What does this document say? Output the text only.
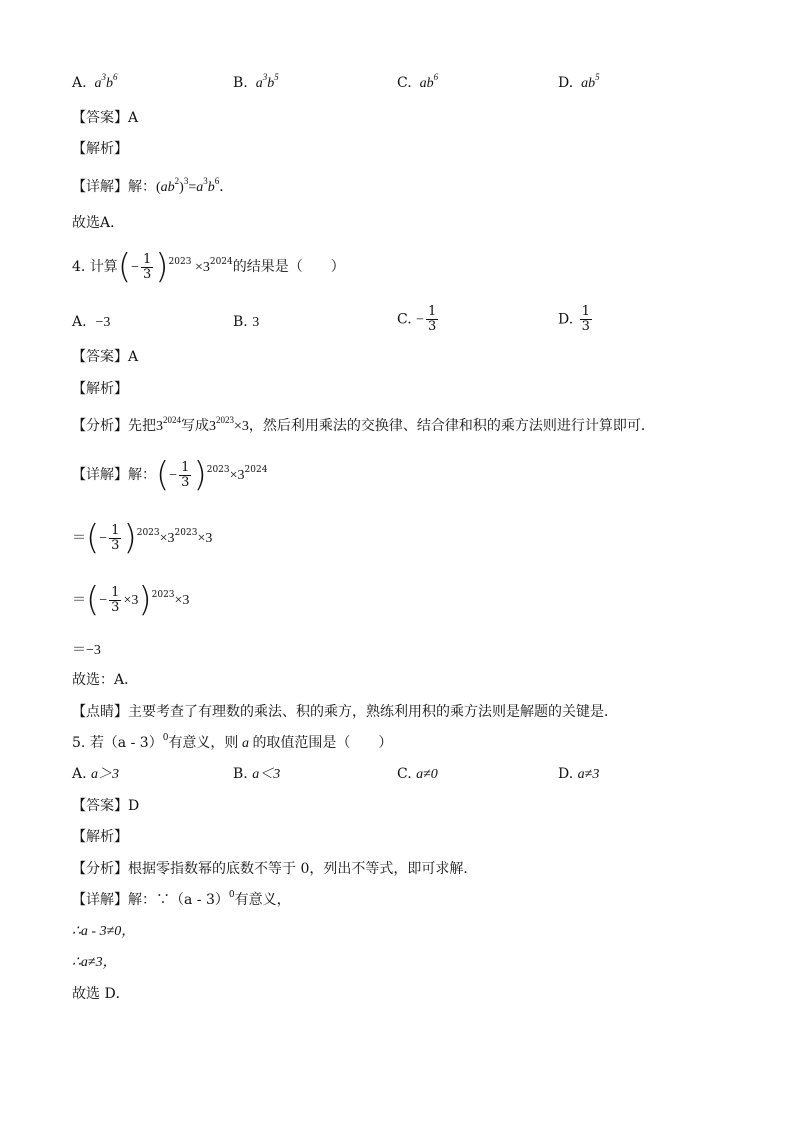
A.  $a^3b^6$	B.  $a^3b^5$	C.  $ab^6$	D.  $ab^5$
【答案】A
【解析】
【详解】解：$(ab^2)^3=a^3b^6$．
故选A．
4. 计算(− $\frac{1}{3} )^{2023} \times 3^{2024}$的结果是（　　）
A. −3	B. 3	C. − $\frac{1}{3}$	D. $\frac{1}{3}$
【答案】A
【解析】
【分析】先把$3^{2024}$写成$3^{2023}\times 3$，然后利用乘法的交换律、结合律和积的乘方法则进行计算即可．
【详解】解：(− $\frac{1}{3} )^{2023}\times 3^{2024}$
＝(− $\frac{1}{3} )^{2023}\times 3^{2023}\times 3$
＝(− $\frac{1}{3} \times 3)^{2023}\times 3$
＝−3
故选：A．
【点睛】主要考查了有理数的乘法、积的乘方，熟练利用积的乘方法则是解题的关键是．
5. 若（a - 3）$^0$有意义，则 a 的取值范围是（　　）
A. a＞3	B. a＜3	C. a≠0	D. a≠3
【答案】D
【解析】
【分析】根据零指数幂的底数不等于 0，列出不等式，即可求解．
【详解】解：∵（a - 3）$^0$有意义，
∴a - 3≠0，
∴a≠3，
故选 D．
